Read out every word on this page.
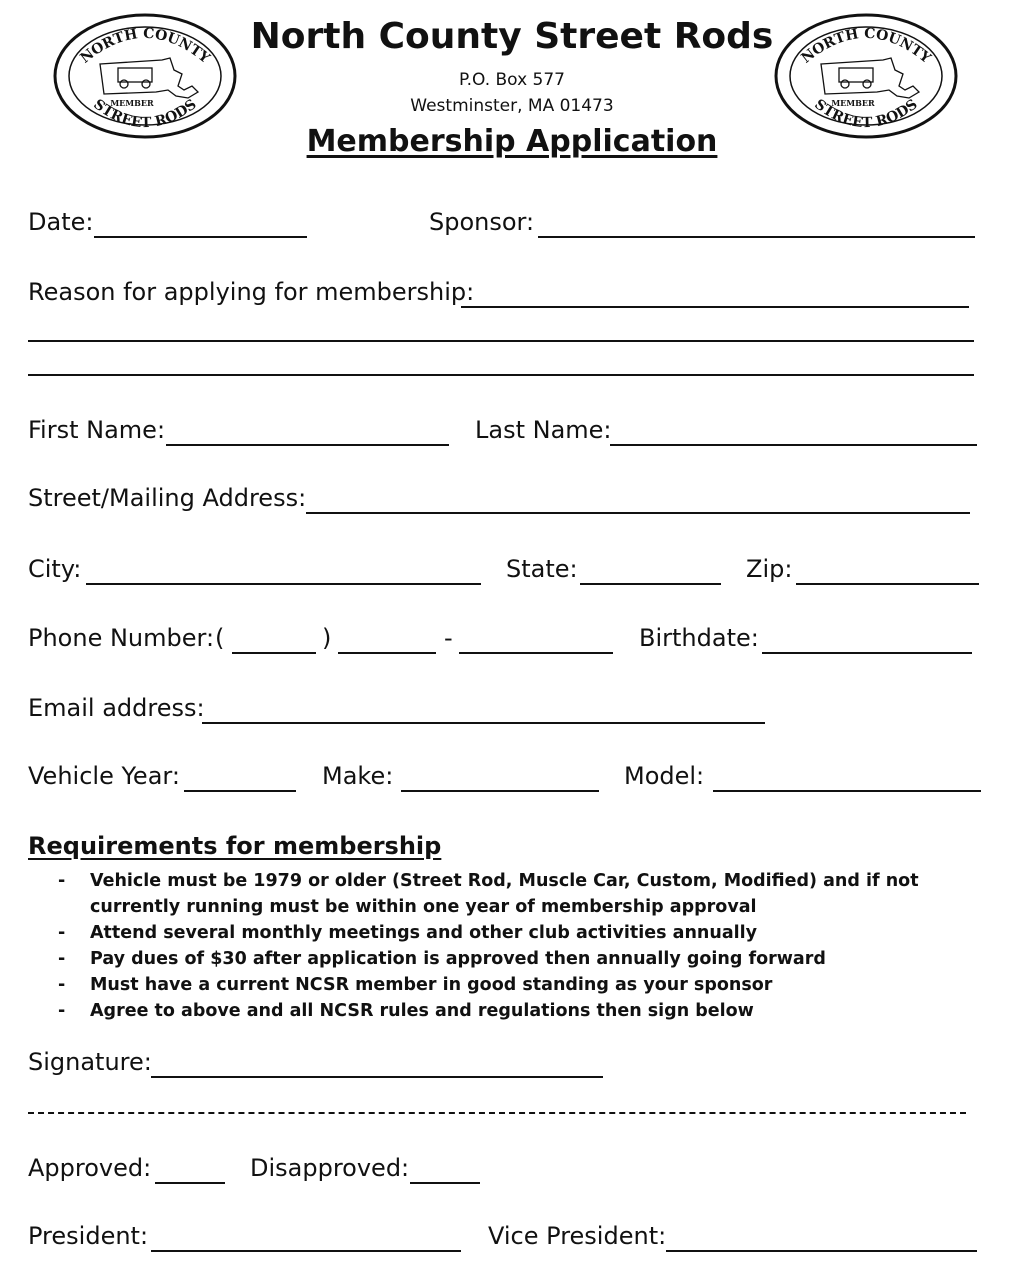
NORTH COUNTY
STREET RODS
MEMBER
NORTH COUNTY
STREET RODS
MEMBER
North County Street Rods
P.O. Box 577
Westminster, MA 01473
Membership Application
Date:	Sponsor:
Reason for applying for membership:
First Name:	Last Name:
Street/Mailing Address:
City:	State:	Zip:
Phone Number: (	)	-	Birthdate:
Email address:
Vehicle Year:	Make:	Model:
Requirements for membership
- Vehicle must be 1979 or older (Street Rod, Muscle Car, Custom, Modified) and if not currently running must be within one year of membership approval
- Attend several monthly meetings and other club activities annually
- Pay dues of $30 after application is approved then annually going forward
- Must have a current NCSR member in good standing as your sponsor
- Agree to above and all NCSR rules and regulations then sign below
Signature:
Approved:	Disapproved:
President:	Vice President:
